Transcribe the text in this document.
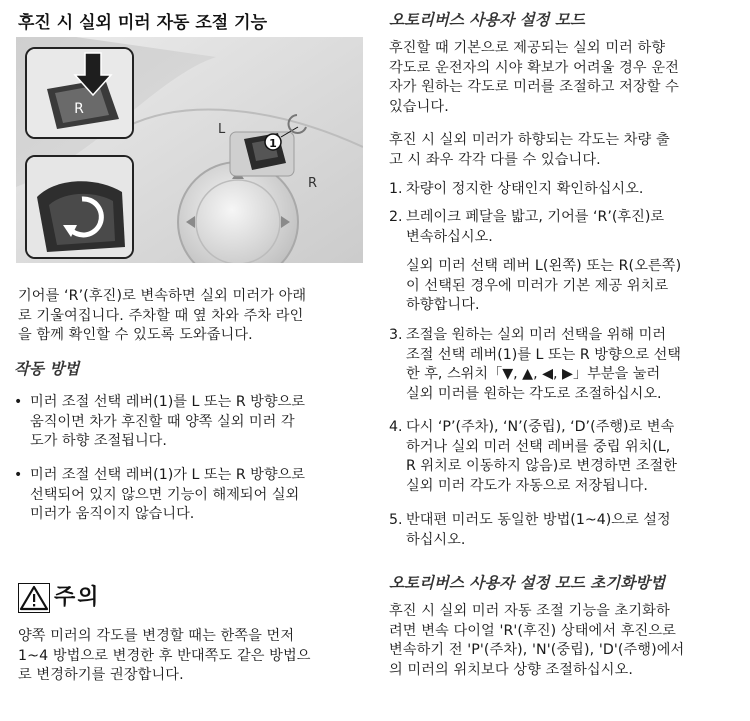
후진 시 실외 미러 자동 조절 기능
1
L
R
R
기어를 ‘R’(후진)로 변속하면 실외 미러가 아래
로 기울여집니다. 주차할 때 옆 차와 주차 라인
을 함께 확인할 수 있도록 도와줍니다.
작동 방법
• 미러 조절 선택 레버(1)를 L 또는 R 방향으로
움직이면 차가 후진할 때 양쪽 실외 미러 각
도가 하향 조절됩니다.
• 미러 조절 선택 레버(1)가 L 또는 R 방향으로
선택되어 있지 않으면 기능이 해제되어 실외
미러가 움직이지 않습니다.
주의
양쪽 미러의 각도를 변경할 때는 한쪽을 먼저
1~4 방법으로 변경한 후 반대쪽도 같은 방법으
로 변경하기를 권장합니다.
오토리버스 사용자 설정 모드
후진할 때 기본으로 제공되는 실외 미러 하향
각도로 운전자의 시야 확보가 어려울 경우 운전
자가 원하는 각도로 미러를 조절하고 저장할 수
있습니다.
후진 시 실외 미러가 하향되는 각도는 차량 출
고 시 좌우 각각 다를 수 있습니다.
1. 차량이 정지한 상태인지 확인하십시오.
2. 브레이크 페달을 밟고, 기어를 ‘R’(후진)로
변속하십시오.
실외 미러 선택 레버 L(왼쪽) 또는 R(오른쪽)
이 선택된 경우에 미러가 기본 제공 위치로
하향합니다.
3. 조절을 원하는 실외 미러 선택을 위해 미러
조절 선택 레버(1)를 L 또는 R 방향으로 선택
한 후, 스위치「▼, ▲, ◀, ▶」부분을 눌러
실외 미러를 원하는 각도로 조절하십시오.
4. 다시 ‘P’(주차), ‘N’(중립), ‘D’(주행)로 변속
하거나 실외 미러 선택 레버를 중립 위치(L,
R 위치로 이동하지 않음)로 변경하면 조절한
실외 미러 각도가 자동으로 저장됩니다.
5. 반대편 미러도 동일한 방법(1~4)으로 설정
하십시오.
오토리버스 사용자 설정 모드 초기화방법
후진 시 실외 미러 자동 조절 기능을 초기화하
려면 변속 다이얼 'R'(후진) 상태에서 후진으로
변속하기 전 'P'(주차), 'N'(중립), 'D'(주행)에서
의 미러의 위치보다 상향 조절하십시오.
